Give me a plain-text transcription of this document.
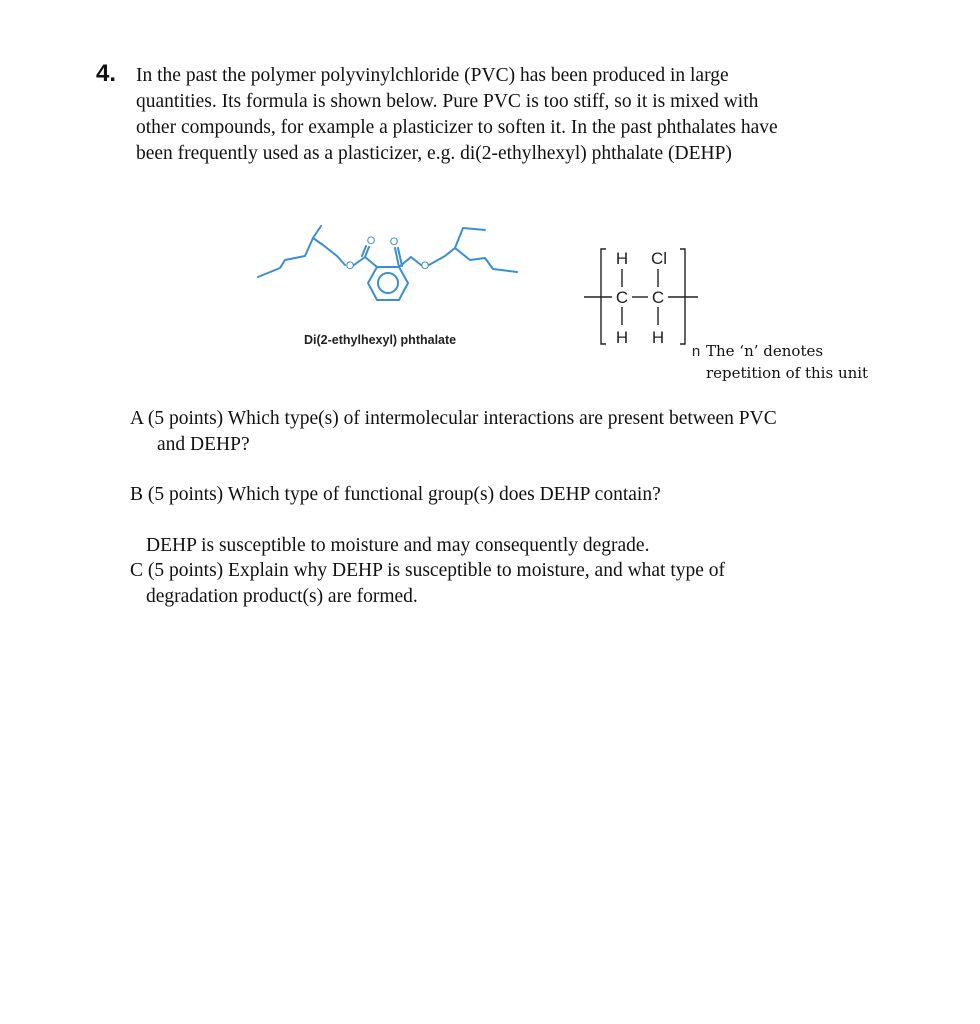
4. In the past the polymer polyvinylchloride (PVC) has been produced in large
quantities. Its formula is shown below. Pure PVC is too stiff, so it is mixed with
other compounds, for example a plasticizer to soften it. In the past phthalates have
been frequently used as a plasticizer, e.g. di(2-ethylhexyl) phthalate (DEHP)
O
O O
O
Di(2-ethylhexyl) phthalate
H Cl
C C
H H
n The ‘n’ denotes
repetition of this unit
A (5 points) Which type(s) of intermolecular interactions are present between PVC
and DEHP?
B (5 points) Which type of functional group(s) does DEHP contain?
DEHP is susceptible to moisture and may consequently degrade.
C (5 points) Explain why DEHP is susceptible to moisture, and what type of
degradation product(s) are formed.
